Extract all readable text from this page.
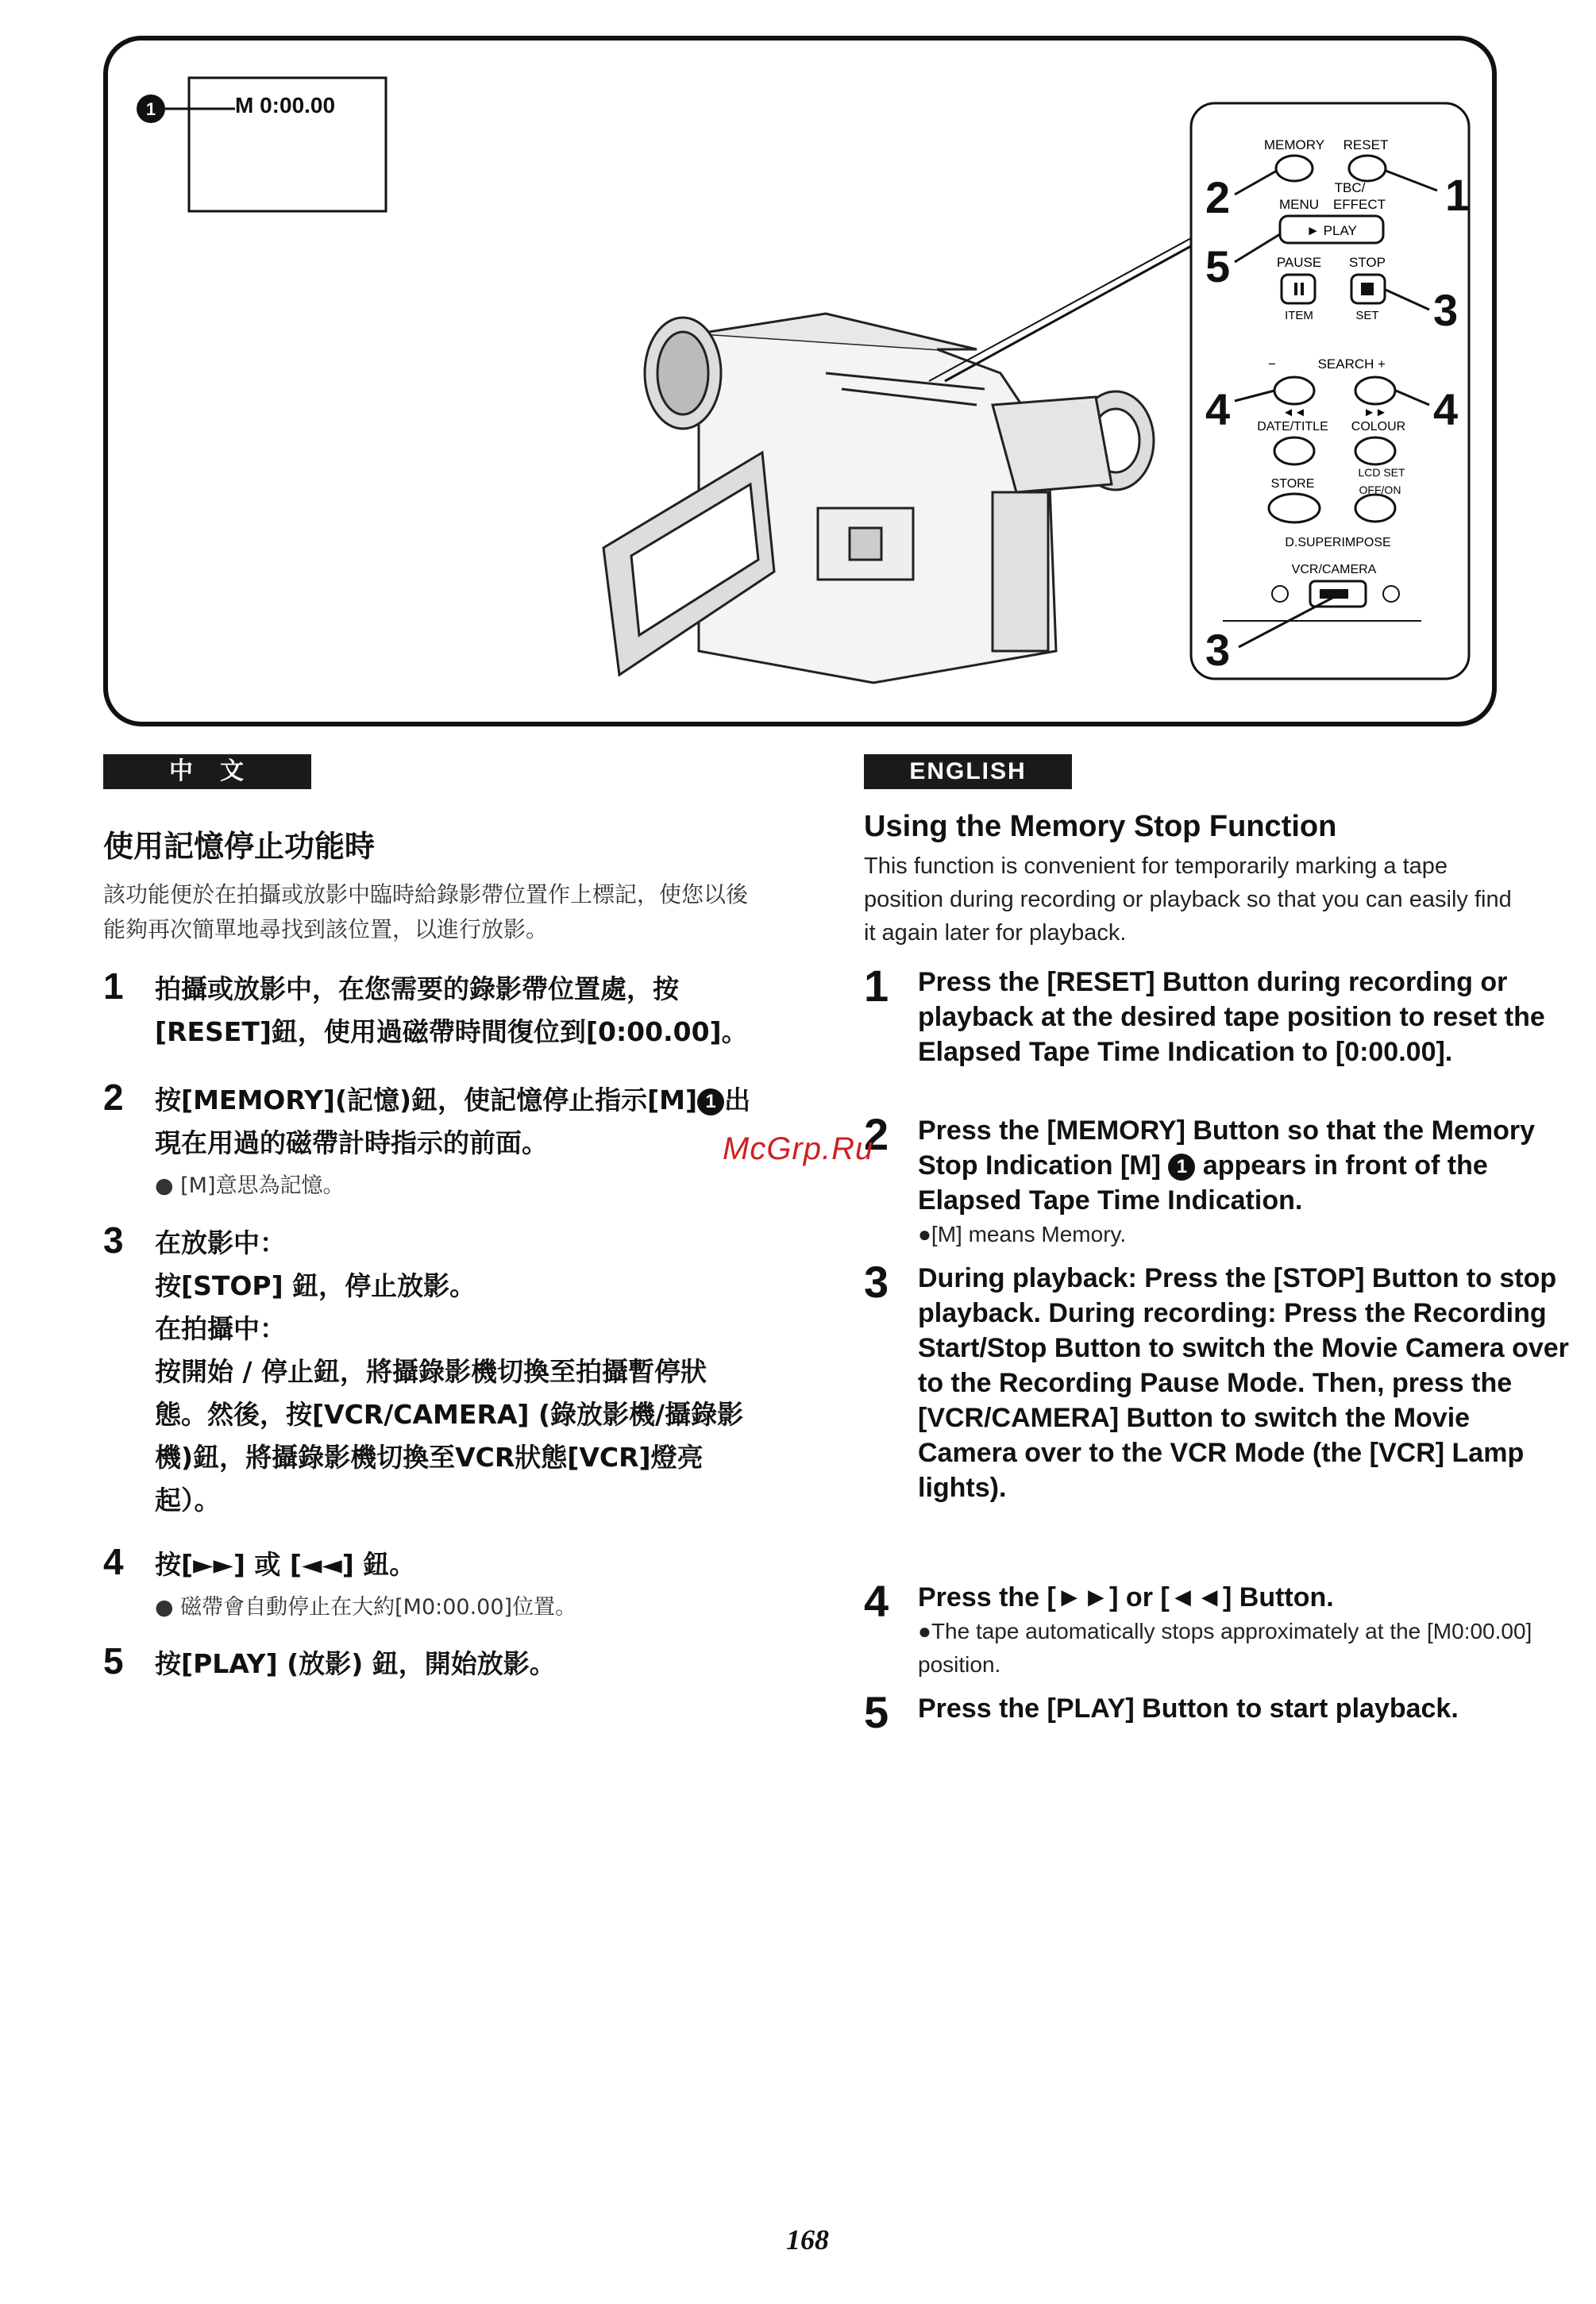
1	M 0:00.00
MEMORY RESET
TBC/
MENU EFFECT
► PLAY
PAUSE STOP
ITEM	SET
−	SEARCH +
◄◄	►►
DATE/TITLE COLOUR
LCD SET
STORE	OFF/ON
D.SUPERIMPOSE
VCR/CAMERA
1
2
3
3
4	4
5
中　文	ENGLISH
使用記憶停止功能時
該功能便於在拍攝或放影中臨時給錄影帶位置作上標記，使您以後能夠再次簡單地尋找到該位置，以進行放影。
1 拍攝或放影中，在您需要的錄影帶位置處，按[RESET]鈕，使用過磁帶時間復位到[0:00.00]。
2 按[MEMORY](記憶)鈕，使記憶停止指示[M] 1 出現在用過的磁帶計時指示的前面。
● [M]意思為記憶。
3 在放影中：
按[STOP] 鈕，停止放影。
在拍攝中：
按開始 / 停止鈕，將攝錄影機切換至拍攝暫停狀態。然後，按[VCR/CAMERA] (錄放影機/攝錄影機)鈕，將攝錄影機切換至VCR狀態[VCR]燈亮起）。
4 按[►►] 或 [◄◄] 鈕。
● 磁帶會自動停止在大約[M0:00.00]位置。
5 按[PLAY] (放影) 鈕，開始放影。
Using the Memory Stop Function
This function is convenient for temporarily marking a tape position during recording or playback so that you can easily find it again later for playback.
1 Press the [RESET] Button during recording or playback at the desired tape position to reset the Elapsed Tape Time Indication to [0:00.00].
2 Press the [MEMORY] Button so that the Memory Stop Indication [M] 1 appears in front of the Elapsed Tape Time Indication.
●[M] means Memory.
3 During playback: Press the [STOP] Button to stop playback. During recording: Press the Recording Start/Stop Button to switch the Movie Camera over to the Recording Pause Mode. Then, press the [VCR/CAMERA] Button to switch the Movie Camera over to the VCR Mode (the [VCR] Lamp lights).
4 Press the [►►] or [◄◄] Button.
●The tape automatically stops approximately at the [M0:00.00] position.
5 Press the [PLAY] Button to start playback.
McGrp.Ru
168
